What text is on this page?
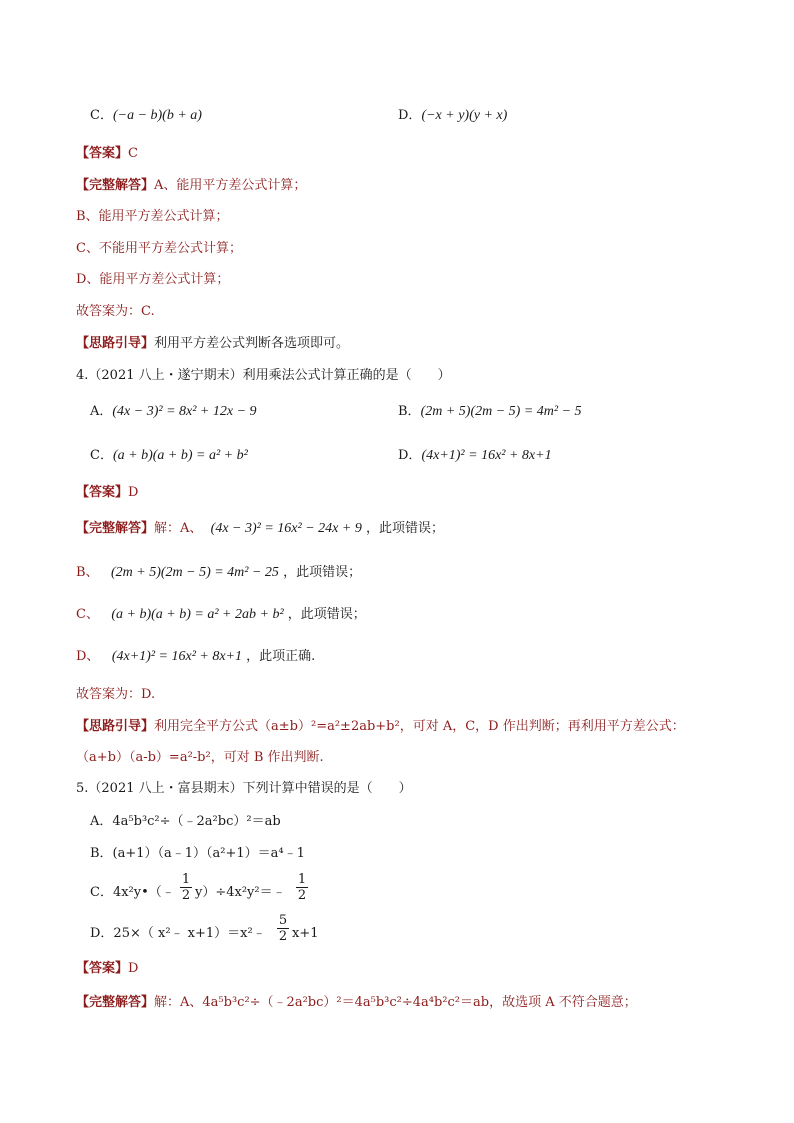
C．(−a − b)(b + a)	D．(−x + y)(y + x)
【答案】C
【完整解答】A、能用平方差公式计算；
B、能用平方差公式计算；
C、不能用平方差公式计算；
D、能用平方差公式计算；
故答案为：C.
【思路引导】利用平方差公式判断各选项即可。
4.（2021 八上・遂宁期末）利用乘法公式计算正确的是（　　）
A．(4x − 3)² = 8x² + 12x − 9	B．(2m + 5)(2m − 5) = 4m² − 5
C．(a + b)(a + b) = a² + b²	D．(4x+1)² = 16x² + 8x+1
【答案】D
【完整解答】解：A、 (4x − 3)² = 16x² − 24x + 9 ，此项错误；
B、 (2m + 5)(2m − 5) = 4m² − 25 ，此项错误；
C、 (a + b)(a + b) = a² + 2ab + b² ，此项错误；
D、 (4x+1)² = 16x² + 8x+1 ，此项正确.
故答案为：D.
【思路引导】利用完全平方公式（a±b）²=a²±2ab+b²，可对 A，C，D 作出判断；再利用平方差公式：
（a+b）（a-b）=a²-b²，可对 B 作出判断.
5.（2021 八上・富县期末）下列计算中错误的是（　　）
A．4a⁵b³c²÷（﹣2a²bc）²＝ab
B．(a+1）（a﹣1）（a²+1）＝a⁴﹣1
C．4x²y•（﹣ $\frac{1}{2}$ y）÷4x²y²＝﹣ $\frac{1}{2}$
D．25×（ x²﹣ x+1）＝x²﹣ $\frac{5}{2} x+1$
【答案】D
【完整解答】解：A、4a⁵b³c²÷（﹣2a²bc）²＝4a⁵b³c²÷4a⁴b²c²＝ab，故选项 A 不符合题意；
